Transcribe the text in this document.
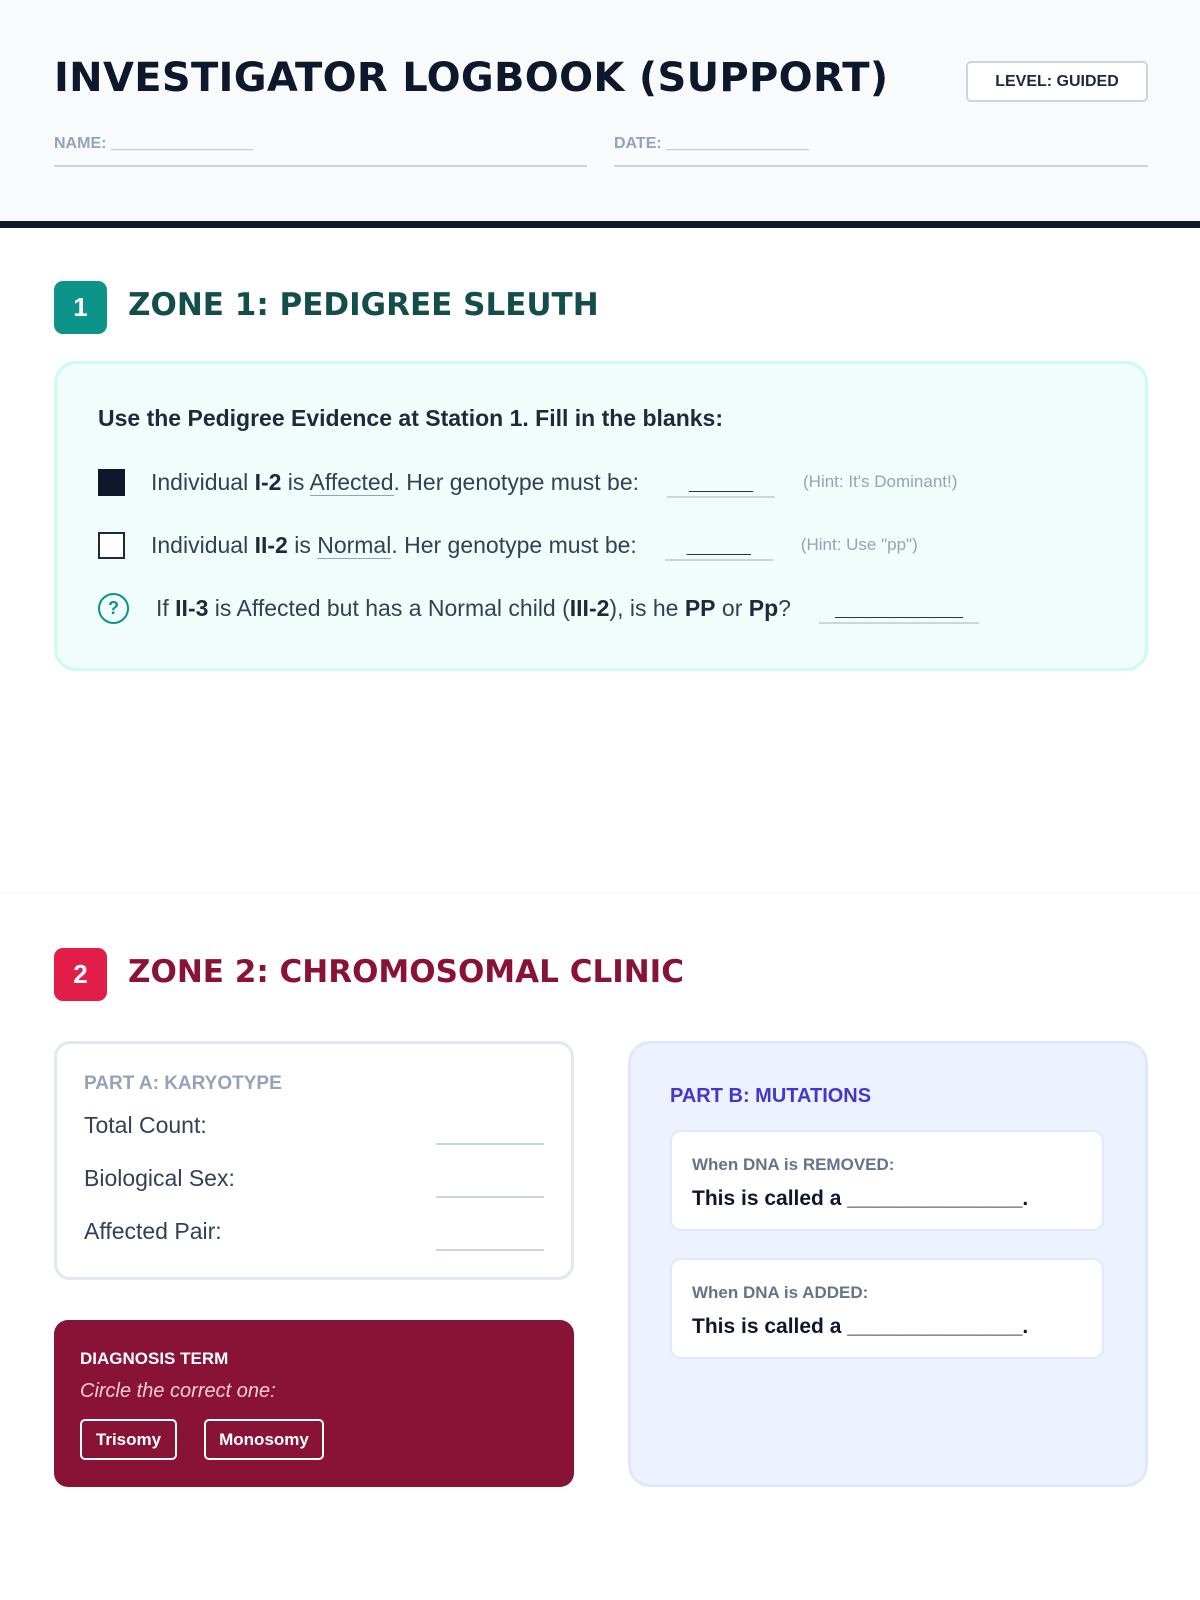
INVESTIGATOR LOGBOOK (SUPPORT)	LEVEL: GUIDED
NAME: ________________	DATE: ________________
1	ZONE 1: PEDIGREE SLEUTH
Use the Pedigree Evidence at Station 1. Fill in the blanks:
Individual I-2 is Affected. Her genotype must be:	_____	(Hint: It's Dominant!)
Individual II-2 is Normal. Her genotype must be:	_____	(Hint: Use "pp")
?	If II-3 is Affected but has a Normal child (III-2), is he PP or Pp?	__________
2	ZONE 2: CHROMOSOMAL CLINIC
PART A: KARYOTYPE
Total Count:
Biological Sex:
Affected Pair:
DIAGNOSIS TERM
Circle the correct one:
Trisomy	Monosomy
PART B: MUTATIONS
When DNA is REMOVED:
This is called a _______________.
When DNA is ADDED:
This is called a _______________.
